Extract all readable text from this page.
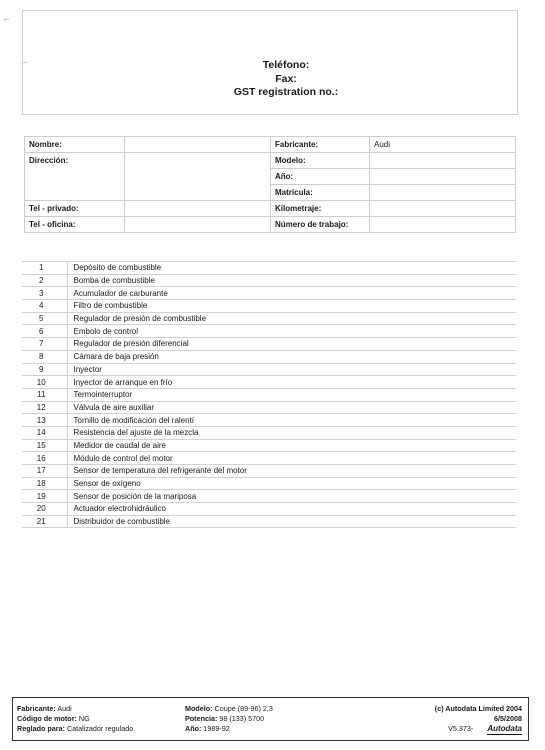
⌐
⌒	Teléfono:
Fax:
GST registration no.:
Nombre:		Fabricante:	Audi
Dirección:		Modelo:	
		Año:	
		Matrícula:	
Tel - privado:		Kilometraje:	
Tel - oficina:		Número de trabajo:	
1	Depósito de combustible
2	Bomba de combustible
3	Acumulador de carburante
4	Filtro de combustible
5	Regulador de presión de combustible
6	Embolo de control
7	Regulador de presión diferencial
8	Cámara de baja presión
9	Inyector
10	Inyector de arranque en frío
11	Termointerruptor
12	Válvula de aire auxiliar
13	Tornillo de modificación del ralentí
14	Resistencia del ajuste de la mezcla
15	Medidor de caudal de aire
16	Módulo de control del motor
17	Sensor de temperatura del refrigerante del motor
18	Sensor de oxígeno
19	Sensor de posición de la mariposa
20	Actuador electrohidráulico
21	Distribuidor de combustible
Fabricante: Audi
Código de motor: NG
Reglado para: Catalizador regulado
Modelo: Coupe (89-96) 2,3
Potencia: 98 (133) 5700
Año: 1989-92
(c) Autodata Limited 2004
6/5/2008
V5.373- Autodata
